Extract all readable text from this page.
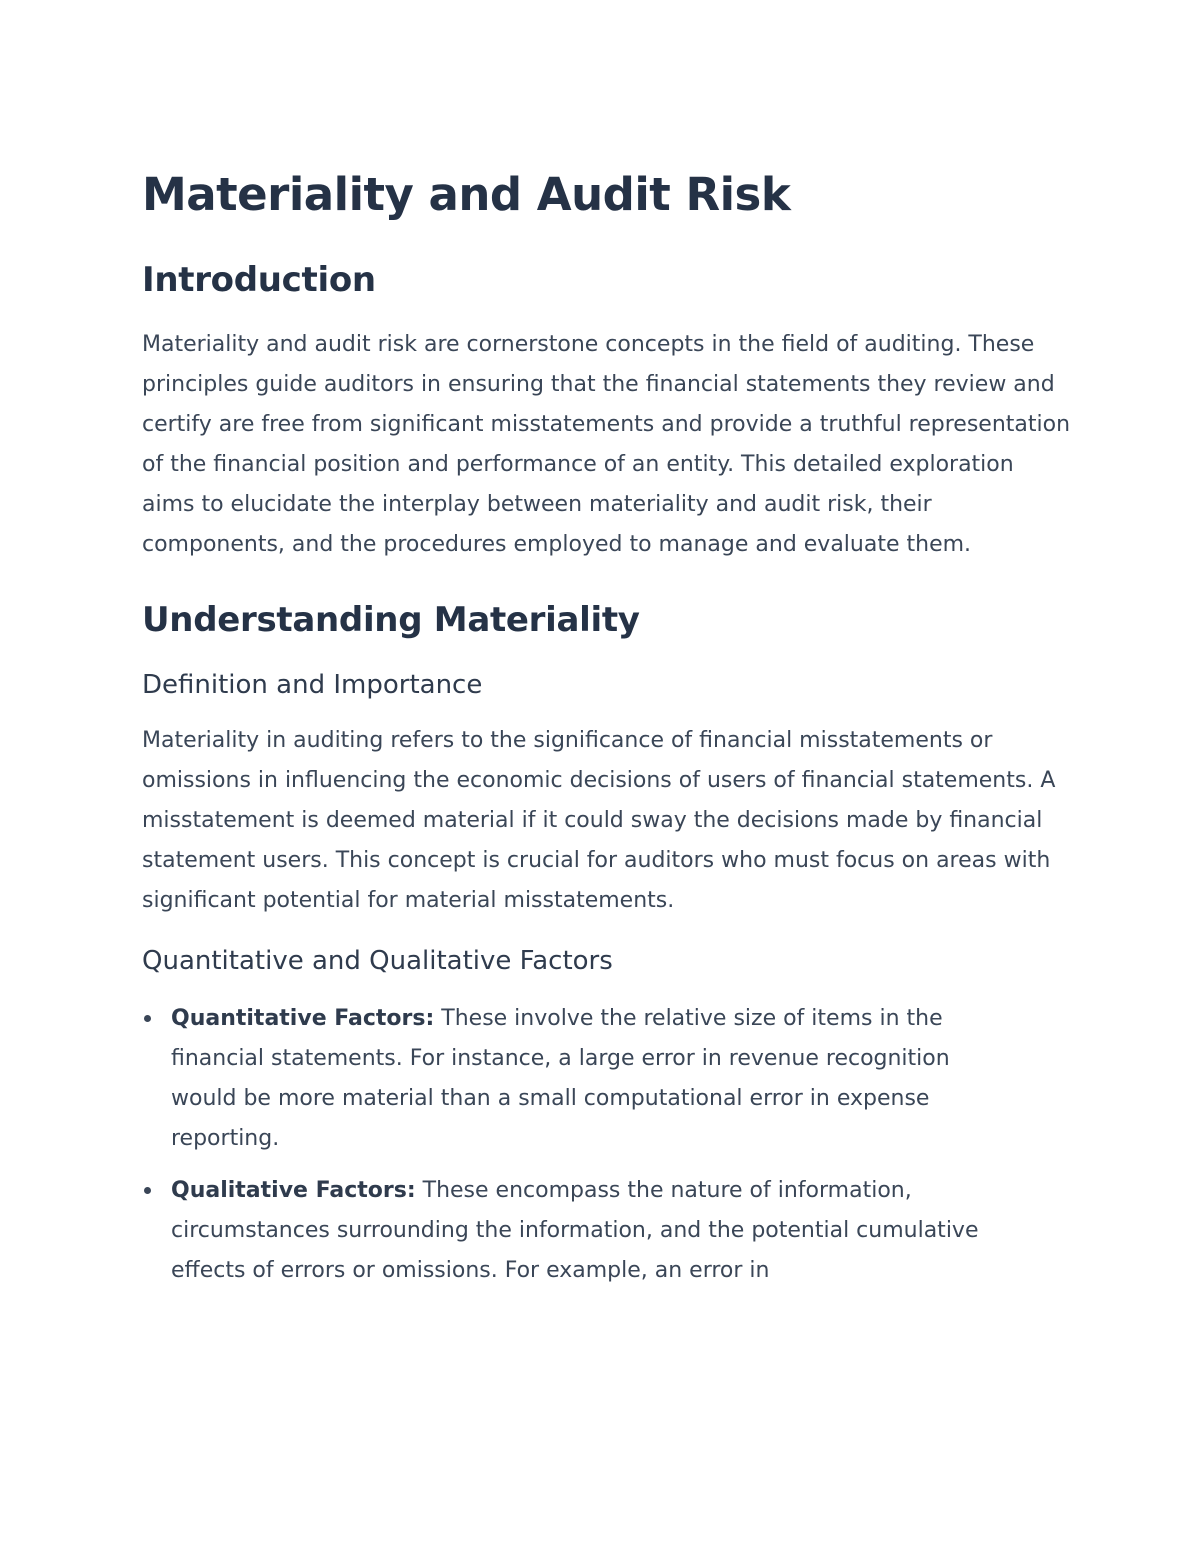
Materiality and Audit Risk
Introduction

Materiality and audit risk are cornerstone concepts in the field of auditing. These principles guide auditors in ensuring that the financial statements they review and certify are free from significant misstatements and provide a truthful representation of the financial position and performance of an entity. This detailed exploration aims to elucidate the interplay between materiality and audit risk, their components, and the procedures employed to manage and evaluate them.

Understanding Materiality
Definition and Importance

Materiality in auditing refers to the significance of financial misstatements or omissions in influencing the economic decisions of users of financial statements. A misstatement is deemed material if it could sway the decisions made by financial statement users. This concept is crucial for auditors who must focus on areas with significant potential for material misstatements.

Quantitative and Qualitative Factors
Quantitative Factors: These involve the relative size of items in the financial statements. For instance, a large error in revenue recognition would be more material than a small computational error in expense reporting.
Qualitative Factors: These encompass the nature of information, circumstances surrounding the information, and the potential cumulative effects of errors or omissions. For example, an error in
